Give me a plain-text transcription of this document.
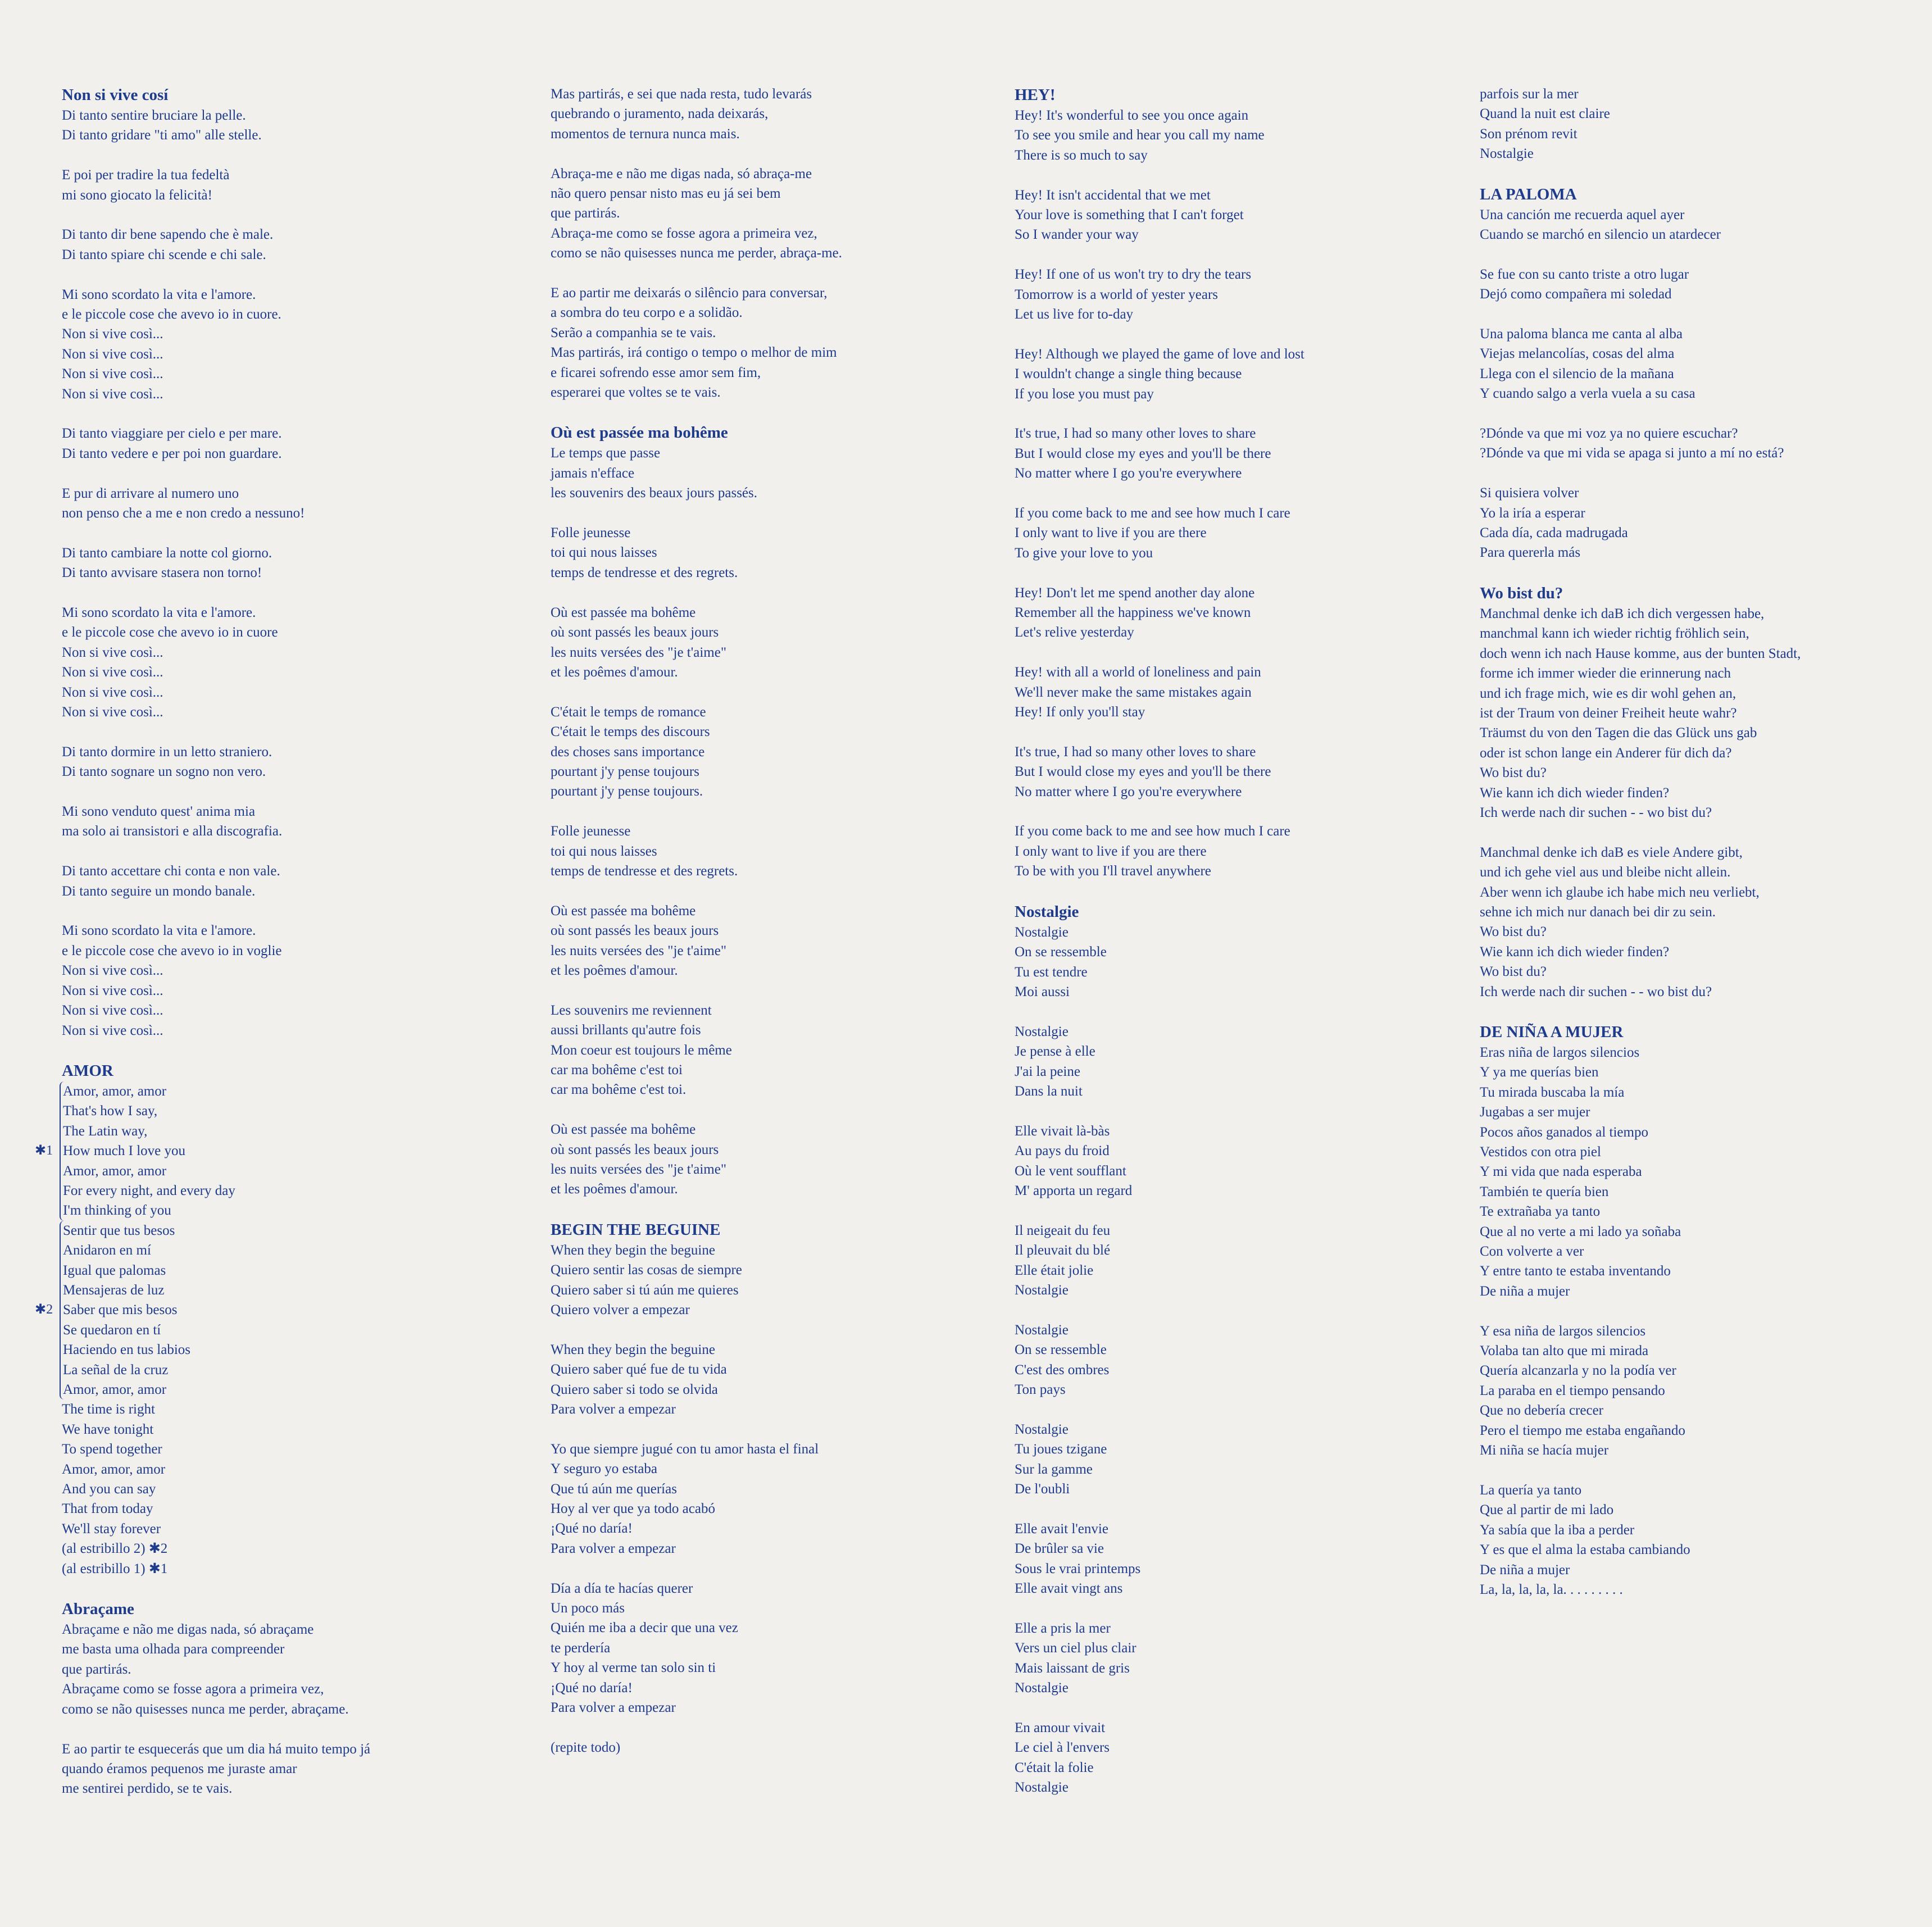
Non si vive cosí
Di tanto sentire bruciare la pelle.
Di tanto gridare "ti amo" alle stelle.
E poi per tradire la tua fedeltà
mi sono giocato la felicità!
Di tanto dir bene sapendo che è male.
Di tanto spiare chi scende e chi sale.
Mi sono scordato la vita e l'amore.
e le piccole cose che avevo io in cuore.
Non si vive così...
Non si vive così...
Non si vive così...
Non si vive così...
Di tanto viaggiare per cielo e per mare.
Di tanto vedere e per poi non guardare.
E pur di arrivare al numero uno
non penso che a me e non credo a nessuno!
Di tanto cambiare la notte col giorno.
Di tanto avvisare stasera non torno!
Mi sono scordato la vita e l'amore.
e le piccole cose che avevo io in cuore
Non si vive così...
Non si vive così...
Non si vive così...
Non si vive così...
Di tanto dormire in un letto straniero.
Di tanto sognare un sogno non vero.
Mi sono venduto quest' anima mia
ma solo ai transistori e alla discografia.
Di tanto accettare chi conta e non vale.
Di tanto seguire un mondo banale.
Mi sono scordato la vita e l'amore.
e le piccole cose che avevo io in voglie
Non si vive così...
Non si vive così...
Non si vive così...
Non si vive così...
AMOR
Amor, amor, amor
That's how I say,
The Latin way,
How much I love you
Amor, amor, amor
For every night, and every day
I'm thinking of you
✱1
Sentir que tus besos
Anidaron en mí
Igual que palomas
Mensajeras de luz
Saber que mis besos
Se quedaron en tí
Haciendo en tus labios
La señal de la cruz
Amor, amor, amor
✱2
The time is right
We have tonight
To spend together
Amor, amor, amor
And you can say
That from today
We'll stay forever
(al estribillo 2) ✱2
(al estribillo 1) ✱1
Abraçame
Abraçame e não me digas nada, só abraçame
me basta uma olhada para compreender
que partirás.
Abraçame como se fosse agora a primeira vez,
como se não quisesses nunca me perder, abraçame.
E ao partir te esquecerás que um dia há muito tempo já
quando éramos pequenos me juraste amar
me sentirei perdido, se te vais.
Mas partirás, e sei que nada resta, tudo levarás
quebrando o juramento, nada deixarás,
momentos de ternura nunca mais.
Abraça-me e não me digas nada, só abraça-me
não quero pensar nisto mas eu já sei bem
que partirás.
Abraça-me como se fosse agora a primeira vez,
como se não quisesses nunca me perder, abraça-me.
E ao partir me deixarás o silêncio para conversar,
a sombra do teu corpo e a solidão.
Serão a companhia se te vais.
Mas partirás, irá contigo o tempo o melhor de mim
e ficarei sofrendo esse amor sem fim,
esperarei que voltes se te vais.
Où est passée ma bohême
Le temps que passe
jamais n'efface
les souvenirs des beaux jours passés.
Folle jeunesse
toi qui nous laisses
temps de tendresse et des regrets.
Où est passée ma bohême
où sont passés les beaux jours
les nuits versées des "je t'aime"
et les poêmes d'amour.
C'était le temps de romance
C'était le temps des discours
des choses sans importance
pourtant j'y pense toujours
pourtant j'y pense toujours.
Folle jeunesse
toi qui nous laisses
temps de tendresse et des regrets.
Où est passée ma bohême
où sont passés les beaux jours
les nuits versées des "je t'aime"
et les poêmes d'amour.
Les souvenirs me reviennent
aussi brillants qu'autre fois
Mon coeur est toujours le même
car ma bohême c'est toi
car ma bohême c'est toi.
Où est passée ma bohême
où sont passés les beaux jours
les nuits versées des "je t'aime"
et les poêmes d'amour.
BEGIN THE BEGUINE
When they begin the beguine
Quiero sentir las cosas de siempre
Quiero saber si tú aún me quieres
Quiero volver a empezar
When they begin the beguine
Quiero saber qué fue de tu vida
Quiero saber si todo se olvida
Para volver a empezar
Yo que siempre jugué con tu amor hasta el final
Y seguro yo estaba
Que tú aún me querías
Hoy al ver que ya todo acabó
¡Qué no daría!
Para volver a empezar
Día a día te hacías querer
Un poco más
Quién me iba a decir que una vez
te perdería
Y hoy al verme tan solo sin ti
¡Qué no daría!
Para volver a empezar
(repite todo)
HEY!
Hey! It's wonderful to see you once again
To see you smile and hear you call my name
There is so much to say
Hey! It isn't accidental that we met
Your love is something that I can't forget
So I wander your way
Hey! If one of us won't try to dry the tears
Tomorrow is a world of yester years
Let us live for to-day
Hey! Although we played the game of love and lost
I wouldn't change a single thing because
If you lose you must pay
It's true, I had so many other loves to share
But I would close my eyes and you'll be there
No matter where I go you're everywhere
If you come back to me and see how much I care
I only want to live if you are there
To give your love to you
Hey! Don't let me spend another day alone
Remember all the happiness we've known
Let's relive yesterday
Hey! with all a world of loneliness and pain
We'll never make the same mistakes again
Hey! If only you'll stay
It's true, I had so many other loves to share
But I would close my eyes and you'll be there
No matter where I go you're everywhere
If you come back to me and see how much I care
I only want to live if you are there
To be with you I'll travel anywhere
Nostalgie
Nostalgie
On se ressemble
Tu est tendre
Moi aussi
Nostalgie
Je pense à elle
J'ai la peine
Dans la nuit
Elle vivait là-bàs
Au pays du froid
Où le vent soufflant
M' apporta un regard
Il neigeait du feu
Il pleuvait du blé
Elle était jolie
Nostalgie
Nostalgie
On se ressemble
C'est des ombres
Ton pays
Nostalgie
Tu joues tzigane
Sur la gamme
De l'oubli
Elle avait l'envie
De brûler sa vie
Sous le vrai printemps
Elle avait vingt ans
Elle a pris la mer
Vers un ciel plus clair
Mais laissant de gris
Nostalgie
En amour vivait
Le ciel à l'envers
C'était la folie
Nostalgie
parfois sur la mer
Quand la nuit est claire
Son prénom revit
Nostalgie
LA PALOMA
Una canción me recuerda aquel ayer
Cuando se marchó en silencio un atardecer
Se fue con su canto triste a otro lugar
Dejó como compañera mi soledad
Una paloma blanca me canta al alba
Viejas melancolías, cosas del alma
Llega con el silencio de la mañana
Y cuando salgo a verla vuela a su casa
?Dónde va que mi voz ya no quiere escuchar?
?Dónde va que mi vida se apaga si junto a mí no está?
Si quisiera volver
Yo la iría a esperar
Cada día, cada madrugada
Para quererla más
Wo bist du?
Manchmal denke ich daB ich dich vergessen habe,
manchmal kann ich wieder richtig fröhlich sein,
doch wenn ich nach Hause komme, aus der bunten Stadt,
forme ich immer wieder die erinnerung nach
und ich frage mich, wie es dir wohl gehen an,
ist der Traum von deiner Freiheit heute wahr?
Träumst du von den Tagen die das Glück uns gab
oder ist schon lange ein Anderer für dich da?
Wo bist du?
Wie kann ich dich wieder finden?
Ich werde nach dir suchen - - wo bist du?
Manchmal denke ich daB es viele Andere gibt,
und ich gehe viel aus und bleibe nicht allein.
Aber wenn ich glaube ich habe mich neu verliebt,
sehne ich mich nur danach bei dir zu sein.
Wo bist du?
Wie kann ich dich wieder finden?
Wo bist du?
Ich werde nach dir suchen - - wo bist du?
DE NIÑA A MUJER
Eras niña de largos silencios
Y ya me querías bien
Tu mirada buscaba la mía
Jugabas a ser mujer
Pocos años ganados al tiempo
Vestidos con otra piel
Y mi vida que nada esperaba
También te quería bien
Te extrañaba ya tanto
Que al no verte a mi lado ya soñaba
Con volverte a ver
Y entre tanto te estaba inventando
De niña a mujer
Y esa niña de largos silencios
Volaba tan alto que mi mirada
Quería alcanzarla y no la podía ver
La paraba en el tiempo pensando
Que no debería crecer
Pero el tiempo me estaba engañando
Mi niña se hacía mujer
La quería ya tanto
Que al partir de mi lado
Ya sabía que la iba a perder
Y es que el alma la estaba cambiando
De niña a mujer
La, la, la, la, la. . . . . . . . .
